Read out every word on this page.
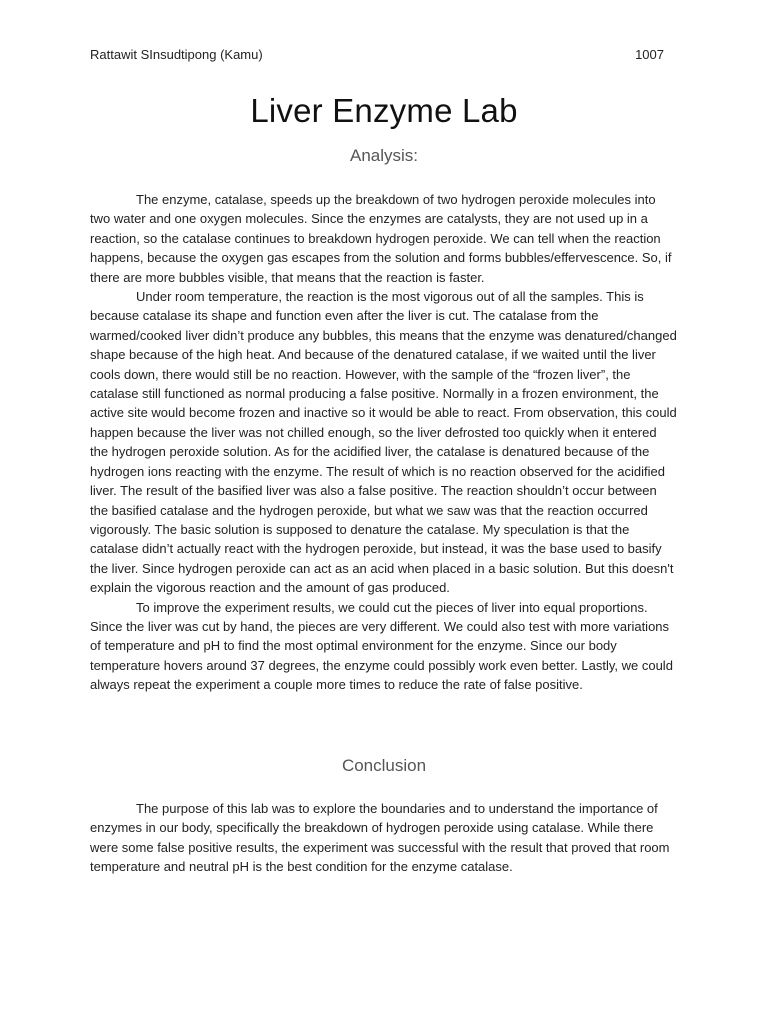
Rattawit SInsudtipong (Kamu)	1007
Liver Enzyme Lab
Analysis:

The enzyme, catalase, speeds up the breakdown of two hydrogen peroxide molecules into two water and one oxygen molecules. Since the enzymes are catalysts, they are not used up in a reaction, so the catalase continues to breakdown hydrogen peroxide. We can tell when the reaction happens, because the oxygen gas escapes from the solution and forms bubbles/effervescence. So, if there are more bubbles visible, that means that the reaction is faster.

Under room temperature, the reaction is the most vigorous out of all the samples. This is because catalase its shape and function even after the liver is cut. The catalase from the warmed/cooked liver didn’t produce any bubbles, this means that the enzyme was denatured/changed shape because of the high heat. And because of the denatured catalase, if we waited until the liver cools down, there would still be no reaction. However, with the sample of the “frozen liver”, the catalase still functioned as normal producing a false positive. Normally in a frozen environment, the active site would become frozen and inactive so it would be able to react. From observation, this could happen because the liver was not chilled enough, so the liver defrosted too quickly when it entered the hydrogen peroxide solution. As for the acidified liver, the catalase is denatured because of the hydrogen ions reacting with the enzyme. The result of which is no reaction observed for the acidified liver. The result of the basified liver was also a false positive. The reaction shouldn’t occur between the basified catalase and the hydrogen peroxide, but what we saw was that the reaction occurred vigorously. The basic solution is supposed to denature the catalase. My speculation is that the catalase didn’t actually react with the hydrogen peroxide, but instead, it was the base used to basify the liver. Since hydrogen peroxide can act as an acid when placed in a basic solution. But this doesn't explain the vigorous reaction and the amount of gas produced.

To improve the experiment results, we could cut the pieces of liver into equal proportions. Since the liver was cut by hand, the pieces are very different. We could also test with more variations of temperature and pH to find the most optimal environment for the enzyme. Since our body temperature hovers around 37 degrees, the enzyme could possibly work even better. Lastly, we could always repeat the experiment a couple more times to reduce the rate of false positive.

Conclusion

The purpose of this lab was to explore the boundaries and to understand the importance of enzymes in our body, specifically the breakdown of hydrogen peroxide using catalase. While there were some false positive results, the experiment was successful with the result that proved that room temperature and neutral pH is the best condition for the enzyme catalase.
